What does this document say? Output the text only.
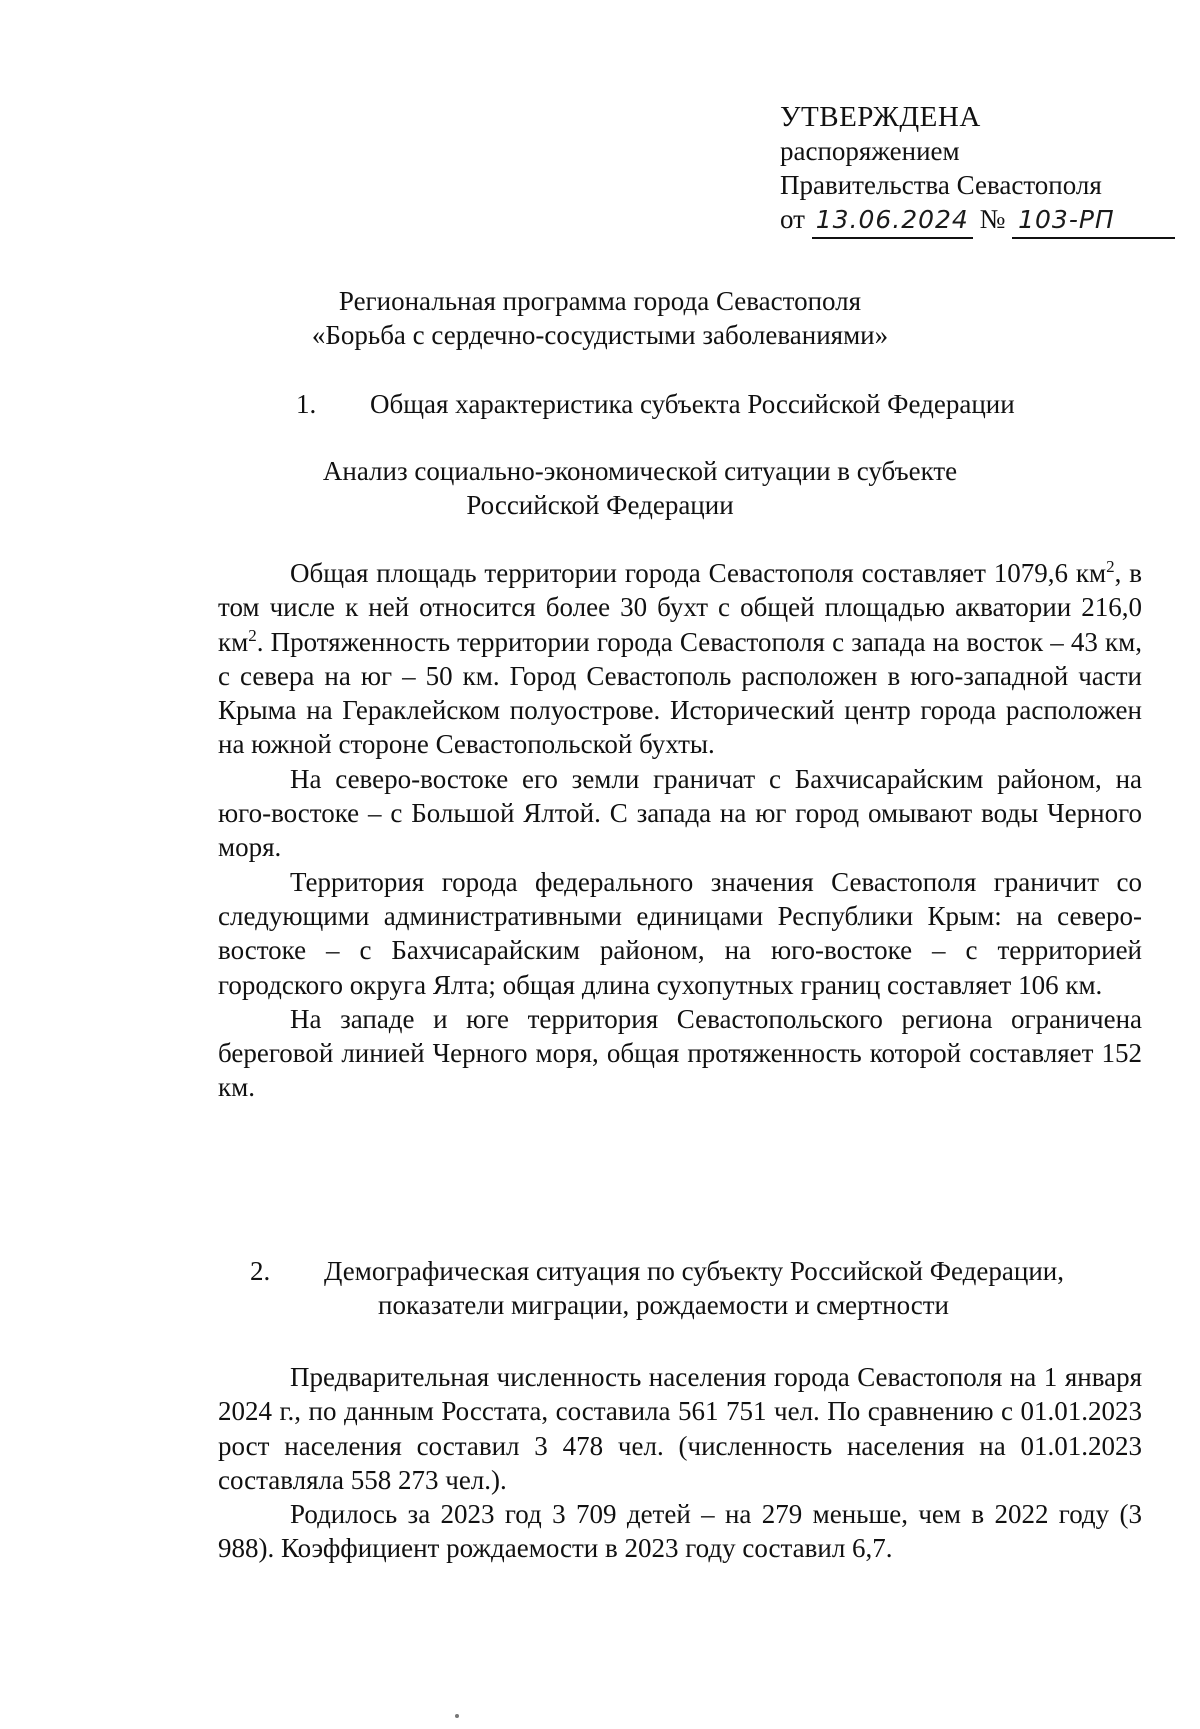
УТВЕРЖДЕНА
распоряжением
Правительства Севастополя
от 13.06.2024 № 103-РП
Региональная программа города Севастополя
«Борьба с сердечно-сосудистыми заболеваниями»
1. Общая характеристика субъекта Российской Федерации
Анализ социально-экономической ситуации в субъекте
Российской Федерации

Общая площадь территории города Севастополя составляет 1079,6 $км^2$, в том числе к ней относится более 30 бухт с общей площадью акватории 216,0 $км^2$. Протяженность территории города Севастополя с запада на восток – 43 км, с севера на юг – 50 км. Город Севастополь расположен в юго-западной части Крыма на Гераклейском полуострове. Исторический центр города расположен на южной стороне Севастопольской бухты.

На северо-востоке его земли граничат с Бахчисарайским районом, на юго-востоке – с Большой Ялтой. С запада на юг город омывают воды Черного моря.

Территория города федерального значения Севастополя граничит со следующими административными единицами Республики Крым: на северо-востоке – с Бахчисарайским районом, на юго-востоке – с территорией городского округа Ялта; общая длина сухопутных границ составляет 106 км.

На западе и юге территория Севастопольского региона ограничена береговой линией Черного моря, общая протяженность которой составляет 152 км.

2. Демографическая ситуация по субъекту Российской Федерации,
показатели миграции, рождаемости и смертности

Предварительная численность населения города Севастополя на 1 января 2024 г., по данным Росстата, составила 561 751 чел. По сравнению с 01.01.2023 рост населения составил 3 478 чел. (численность населения на 01.01.2023 составляла 558 273 чел.).

Родилось за 2023 год 3 709 детей – на 279 меньше, чем в 2022 году (3 988). Коэффициент рождаемости в 2023 году составил 6,7.
